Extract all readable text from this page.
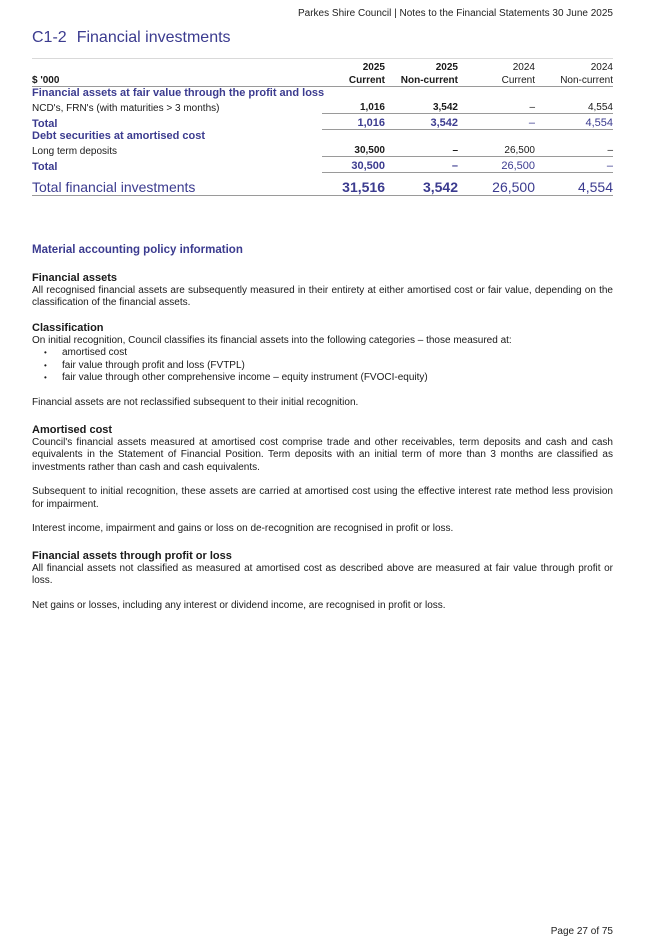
Parkes Shire Council | Notes to the Financial Statements 30 June 2025
C1-2 Financial investments
	2025	2025	2024	2024
$ '000	Current	Non-current	Current	Non-current
Financial assets at fair value through the profit and loss				
NCD's, FRN's (with maturities > 3 months)	1,016	3,542	–	4,554
Total	1,016	3,542	–	4,554
Debt securities at amortised cost				
Long term deposits	30,500	–	26,500	–
Total	30,500	–	26,500	–
Total financial investments	31,516	3,542	26,500	4,554
Material accounting policy information
Financial assets
All recognised financial assets are subsequently measured in their entirety at either amortised cost or fair value, depending on the classification of the financial assets.
Classification
On initial recognition, Council classifies its financial assets into the following categories – those measured at:
• amortised cost
• fair value through profit and loss (FVTPL)
• fair value through other comprehensive income – equity instrument (FVOCI-equity)
Financial assets are not reclassified subsequent to their initial recognition.
Amortised cost
Council's financial assets measured at amortised cost comprise trade and other receivables, term deposits and cash and cash equivalents in the Statement of Financial Position. Term deposits with an initial term of more than 3 months are classified as investments rather than cash and cash equivalents.
Subsequent to initial recognition, these assets are carried at amortised cost using the effective interest rate method less provision for impairment.
Interest income, impairment and gains or loss on de-recognition are recognised in profit or loss.
Financial assets through profit or loss
All financial assets not classified as measured at amortised cost as described above are measured at fair value through profit or loss.
Net gains or losses, including any interest or dividend income, are recognised in profit or loss.
Page 27 of 75
